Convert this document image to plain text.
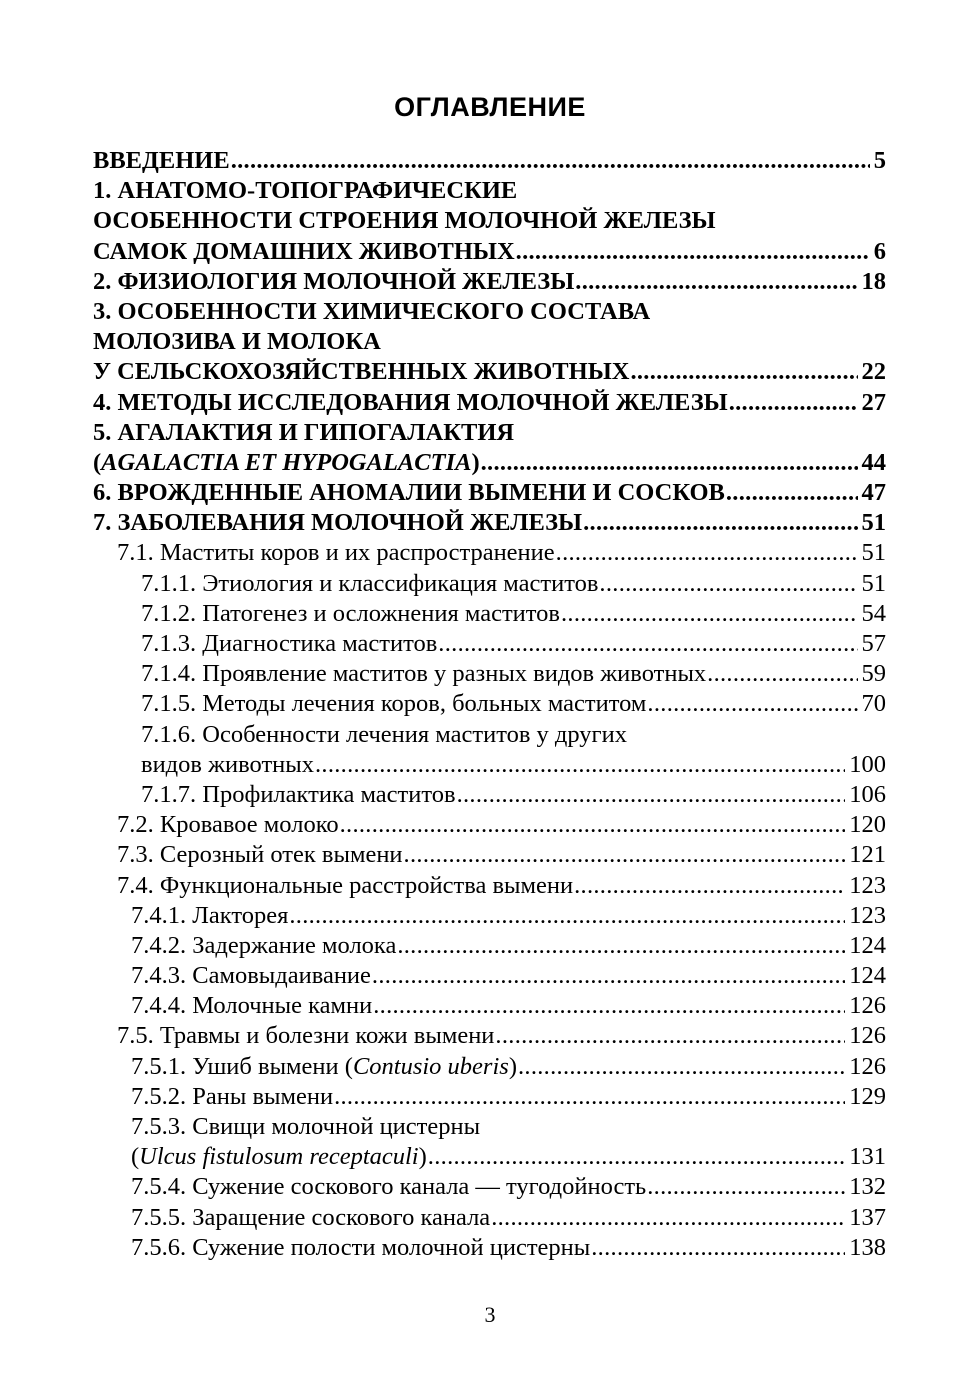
ОГЛАВЛЕНИЕ
ВВЕДЕНИЕ .....	5
1. АНАТОМО-ТОПОГРАФИЧЕСКИЕ
ОСОБЕННОСТИ СТРОЕНИЯ МОЛОЧНОЙ ЖЕЛЕЗЫ
САМОК ДОМАШНИХ ЖИВОТНЫХ .....	6
2. ФИЗИОЛОГИЯ МОЛОЧНОЙ ЖЕЛЕЗЫ .....	18
3. ОСОБЕННОСТИ ХИМИЧЕСКОГО СОСТАВА
МОЛОЗИВА И МОЛОКА
У СЕЛЬСКОХОЗЯЙСТВЕННЫХ ЖИВОТНЫХ .....	22
4. МЕТОДЫ ИССЛЕДОВАНИЯ МОЛОЧНОЙ ЖЕЛЕЗЫ .....	27
5. АГАЛАКТИЯ И ГИПОГАЛАКТИЯ
(AGALACTIA ET HYPOGALACTIA) .....	44
6. ВРОЖДЕННЫЕ АНОМАЛИИ ВЫМЕНИ И СОСКОВ .....	47
7. ЗАБОЛЕВАНИЯ МОЛОЧНОЙ ЖЕЛЕЗЫ .....	51
7.1. Маститы коров и их распространение .....	51
7.1.1. Этиология и классификация маститов .....	51
7.1.2. Патогенез и осложнения маститов .....	54
7.1.3. Диагностика маститов .....	57
7.1.4. Проявление маститов у разных видов животных .....	59
7.1.5. Методы лечения коров, больных маститом .....	70
7.1.6. Особенности лечения маститов у других
видов животных .....	100
7.1.7. Профилактика маститов .....	106
7.2. Кровавое молоко .....	120
7.3. Серозный отек вымени .....	121
7.4. Функциональные расстройства вымени .....	123
7.4.1. Лакторея .....	123
7.4.2. Задержание молока .....	124
7.4.3. Самовыдаивание .....	124
7.4.4. Молочные камни .....	126
7.5. Травмы и болезни кожи вымени .....	126
7.5.1. Ушиб вымени (Contusio uberis) .....	126
7.5.2. Раны вымени .....	129
7.5.3. Свищи молочной цистерны
(Ulcus fistulosum receptaculi) .....	131
7.5.4. Сужение соскового канала — тугодойность .....	132
7.5.5. Заращение соскового канала .....	137
7.5.6. Сужение полости молочной цистерны .....	138
3
